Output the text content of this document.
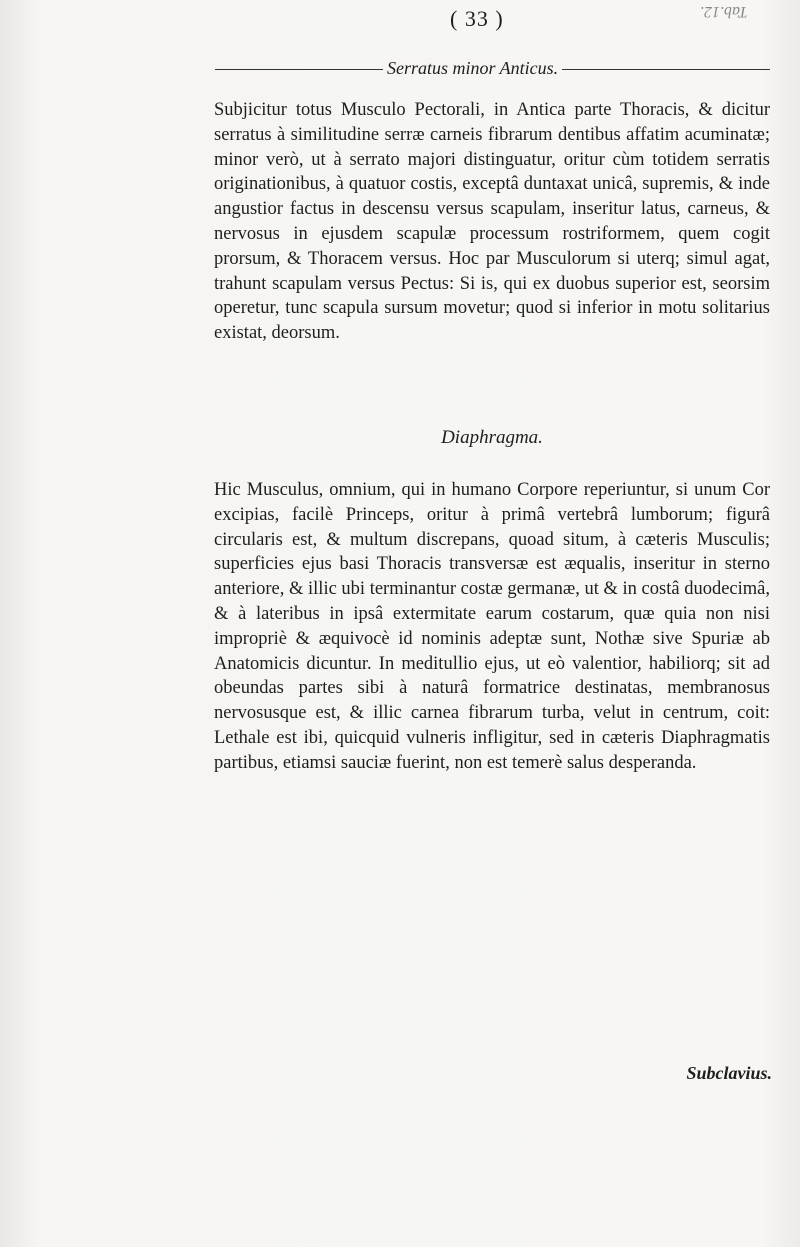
Tab.12.
( 33 )
Serratus minor Anticus.

Subjicitur totus Musculo Pectorali, in Antica parte Thoracis, & dicitur serratus à similitudine serræ carneis fibrarum dentibus affatim acuminatæ; minor verò, ut à serrato majori distinguatur, oritur cùm totidem serratis originationibus, à quatuor costis, exceptâ duntaxat unicâ, supremis, & inde angustior factus in descensu versus scapulam, inseritur latus, carneus, & nervosus in ejusdem scapulæ processum rostriformem, quem cogit prorsum, & Thoracem versus. Hoc par Musculorum si uterq; simul agat, trahunt scapulam versus Pectus: Si is, qui ex duobus superior est, seorsim operetur, tunc scapula sursum movetur; quod si inferior in motu solitarius existat, deorsum.

Diaphragma.

Hic Musculus, omnium, qui in humano Corpore reperiuntur, si unum Cor excipias, facilè Princeps, oritur à primâ vertebrâ lumborum; figurâ circularis est, & multum discrepans, quoad situm, à cæteris Musculis; superficies ejus basi Thoracis transversæ est æqualis, inseritur in sterno anteriore, & illic ubi terminantur costæ germanæ, ut & in costâ duodecimâ, & à lateribus in ipsâ extermitate earum costarum, quæ quia non nisi impropriè & æquivocè id nominis adeptæ sunt, Nothæ sive Spuriæ ab Anatomicis dicuntur. In meditullio ejus, ut eò valentior, habiliorq; sit ad obeundas partes sibi à naturâ formatrice destinatas, membranosus nervosusque est, & illic carnea fibrarum turba, velut in centrum, coit: Lethale est ibi, quicquid vulneris infligitur, sed in cæteris Diaphragmatis partibus, etiamsi sauciæ fuerint, non est temerè salus desperanda.

Subclavius.
